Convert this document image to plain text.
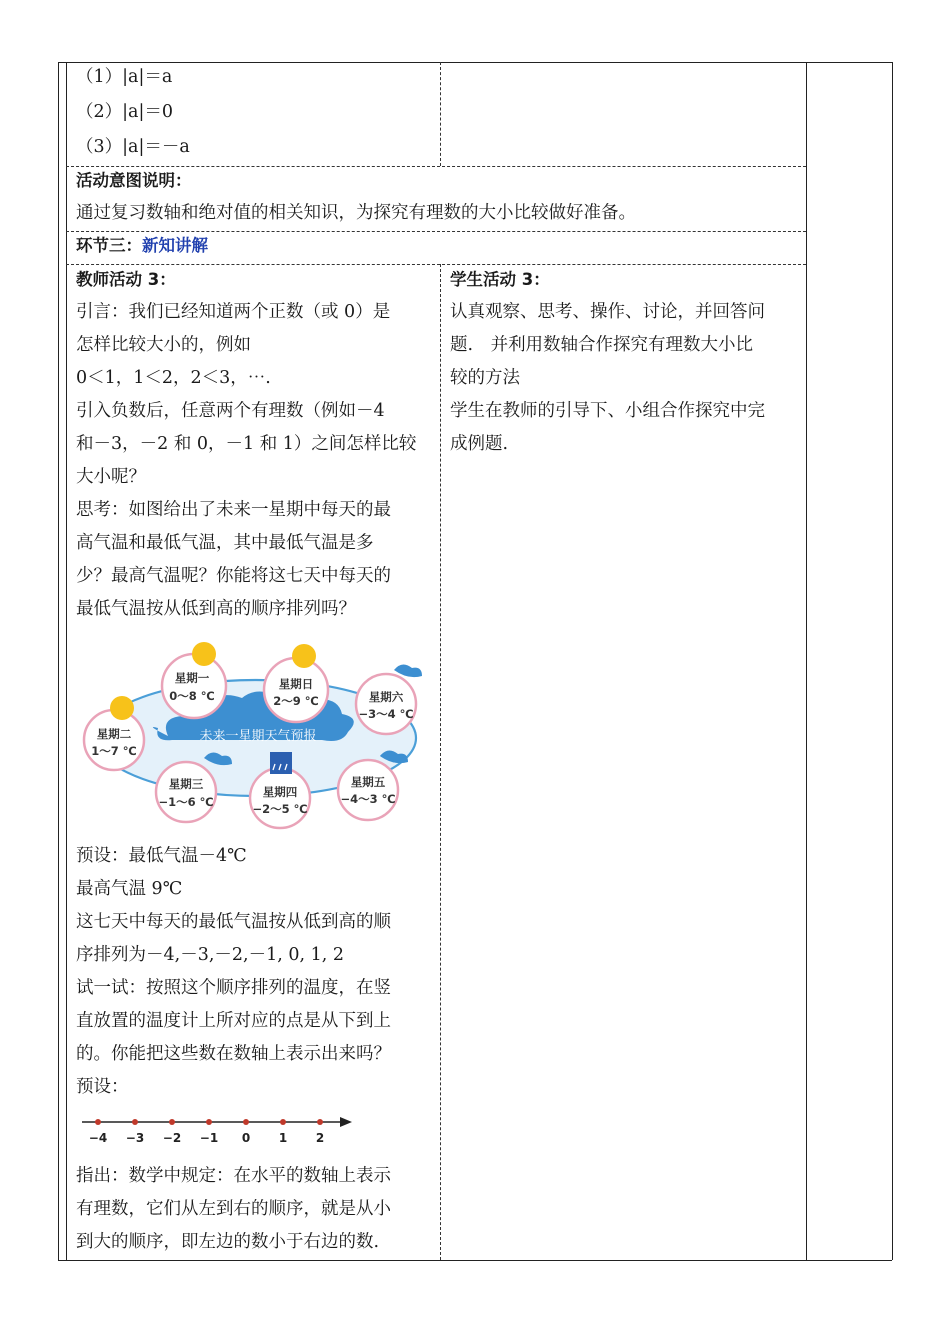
（1）|a|＝a
（2）|a|＝0
（3）|a|＝－a
活动意图说明：
通过复习数轴和绝对值的相关知识，为探究有理数的大小比较做好准备。
环节三：新知讲解
教师活动 3：
引言：我们已经知道两个正数（或 0）是
怎样比较大小的，例如
0＜1，1＜2，2＜3，⋯.
引入负数后，任意两个有理数（例如－4
和－3，－2 和 0，－1 和 1）之间怎样比较
大小呢？
思考：如图给出了未来一星期中每天的最
高气温和最低气温，其中最低气温是多
少？最高气温呢？你能将这七天中每天的
最低气温按从低到高的顺序排列吗？
未来一星期天气预报
星期一
0～8 ℃
星期日
2～9 ℃	星期六
−3～4 ℃
星期二
1～7 ℃
星期三
−1～6 ℃
星期四
−2～5 ℃
星期五
−4～3 ℃
预设：最低气温－4℃
最高气温 9℃
这七天中每天的最低气温按从低到高的顺
序排列为－4,－3,－2,－1, 0, 1, 2
试一试：按照这个顺序排列的温度，在竖
直放置的温度计上所对应的点是从下到上
的。你能把这些数在数轴上表示出来吗？
预设：
−4 −3 −2 −1 0 1 2
指出：数学中规定：在水平的数轴上表示
有理数，它们从左到右的顺序，就是从小
到大的顺序，即左边的数小于右边的数.
学生活动 3：
认真观察、思考、操作、讨论，并回答问
题.　并利用数轴合作探究有理数大小比
较的方法
学生在教师的引导下、小组合作探究中完
成例题.
